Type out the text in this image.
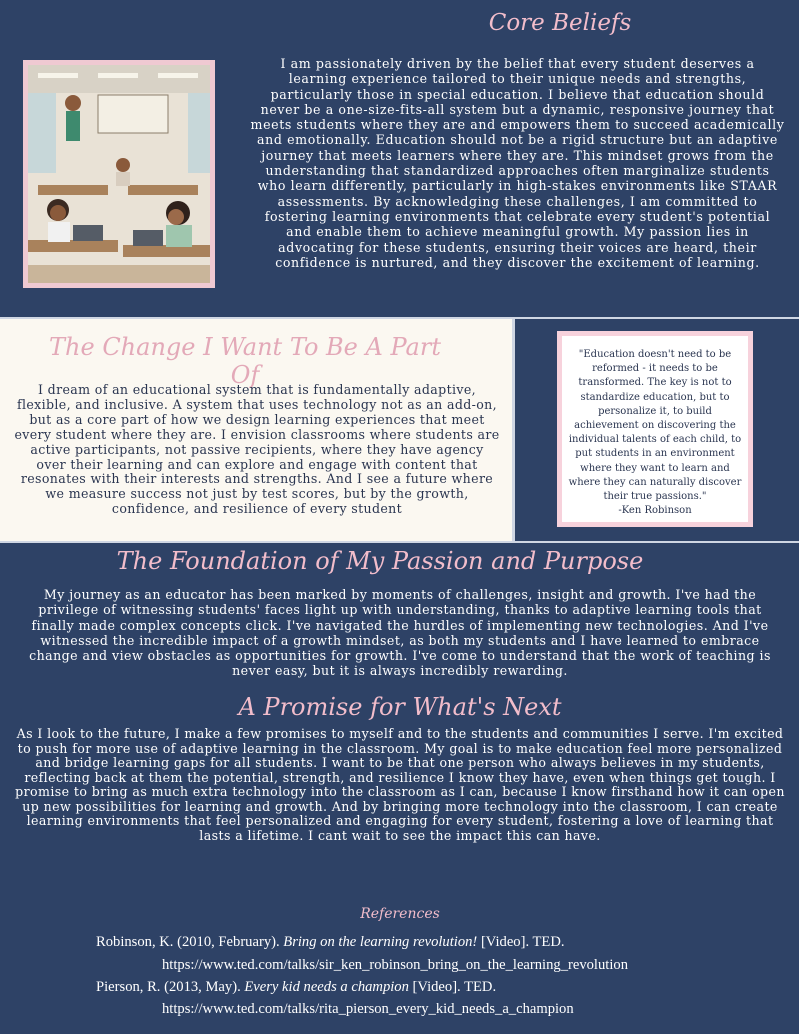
Core Beliefs
I am passionately driven by the belief that every student deserves a learning experience tailored to their unique needs and strengths, particularly those in special education. I believe that education should never be a one-size-fits-all system but a dynamic, responsive journey that meets students where they are and empowers them to succeed academically and emotionally. Education should not be a rigid structure but an adaptive journey that meets learners where they are. This mindset grows from the understanding that standardized approaches often marginalize students who learn differently, particularly in high-stakes environments like STAAR assessments. By acknowledging these challenges, I am committed to fostering learning environments that celebrate every student's potential and enable them to achieve meaningful growth. My passion lies in advocating for these students, ensuring their voices are heard, their confidence is nurtured, and they discover the excitement of learning.
The Change I Want To Be A Part Of
I dream of an educational system that is fundamentally adaptive, flexible, and inclusive. A system that uses technology not as an add-on, but as a core part of how we design learning experiences that meet every student where they are. I envision classrooms where students are active participants, not passive recipients, where they have agency over their learning and can explore and engage with content that resonates with their interests and strengths. And I see a future where we measure success not just by test scores, but by the growth, confidence, and resilience of every student
"Education doesn't need to be reformed - it needs to be transformed. The key is not to standardize education, but to personalize it, to build achievement on discovering the individual talents of each child, to put students in an environment where they want to learn and where they can naturally discover their true passions."
-Ken Robinson
The Foundation of My Passion and Purpose
My journey as an educator has been marked by moments of challenges, insight and growth. I've had the privilege of witnessing students' faces light up with understanding, thanks to adaptive learning tools that finally made complex concepts click. I've navigated the hurdles of implementing new technologies. And I've witnessed the incredible impact of a growth mindset, as both my students and I have learned to embrace change and view obstacles as opportunities for growth. I've come to understand that the work of teaching is never easy, but it is always incredibly rewarding.
A Promise for What's Next
As I look to the future, I make a few promises to myself and to the students and communities I serve. I'm excited to push for more use of adaptive learning in the classroom. My goal is to make education feel more personalized and bridge learning gaps for all students. I want to be that one person who always believes in my students, reflecting back at them the potential, strength, and resilience I know they have, even when things get tough. I promise to bring as much extra technology into the classroom as I can, because I know firsthand how it can open up new possibilities for learning and growth. And by bringing more technology into the classroom, I can create learning environments that feel personalized and engaging for every student, fostering a love of learning that lasts a lifetime. I cant wait to see the impact this can have.
References
Robinson, K. (2010, February). Bring on the learning revolution! [Video]. TED.
https://www.ted.com/talks/sir_ken_robinson_bring_on_the_learning_revolution
Pierson, R. (2013, May). Every kid needs a champion [Video]. TED.
https://www.ted.com/talks/rita_pierson_every_kid_needs_a_champion
